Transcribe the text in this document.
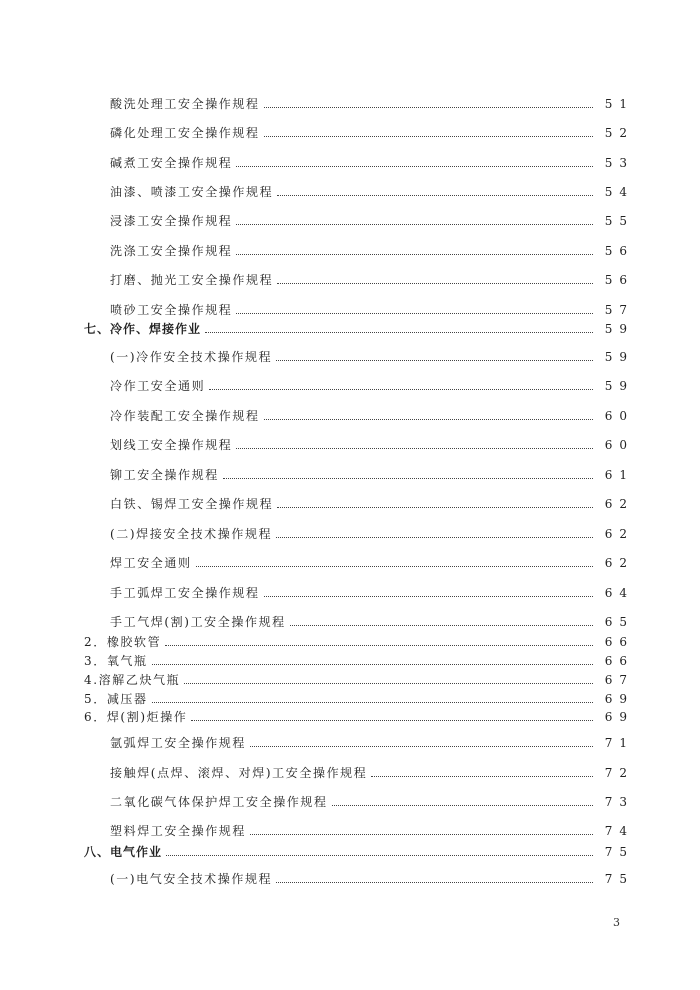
酸洗处理工安全操作规程	51
磷化处理工安全操作规程	52
碱煮工安全操作规程	53
油漆、喷漆工安全操作规程	54
浸漆工安全操作规程	55
洗涤工安全操作规程	56
打磨、抛光工安全操作规程	56
喷砂工安全操作规程	57
七、冷作、焊接作业	59
(一)冷作安全技术操作规程	59
冷作工安全通则	59
冷作装配工安全操作规程	60
划线工安全操作规程	60
铆工安全操作规程	61
白铁、锡焊工安全操作规程	62
(二)焊接安全技术操作规程	62
焊工安全通则	62
手工弧焊工安全操作规程	64
手工气焊(割)工安全操作规程	65
2．橡胶软管	66
3．氧气瓶	66
4.溶解乙炔气瓶	67
5．减压器	69
6．焊(割)炬操作	69
氩弧焊工安全操作规程	71
接触焊(点焊、滚焊、对焊)工安全操作规程	72
二氧化碳气体保护焊工安全操作规程	73
塑料焊工安全操作规程	74
八、电气作业	75
(一)电气安全技术操作规程	75
3
